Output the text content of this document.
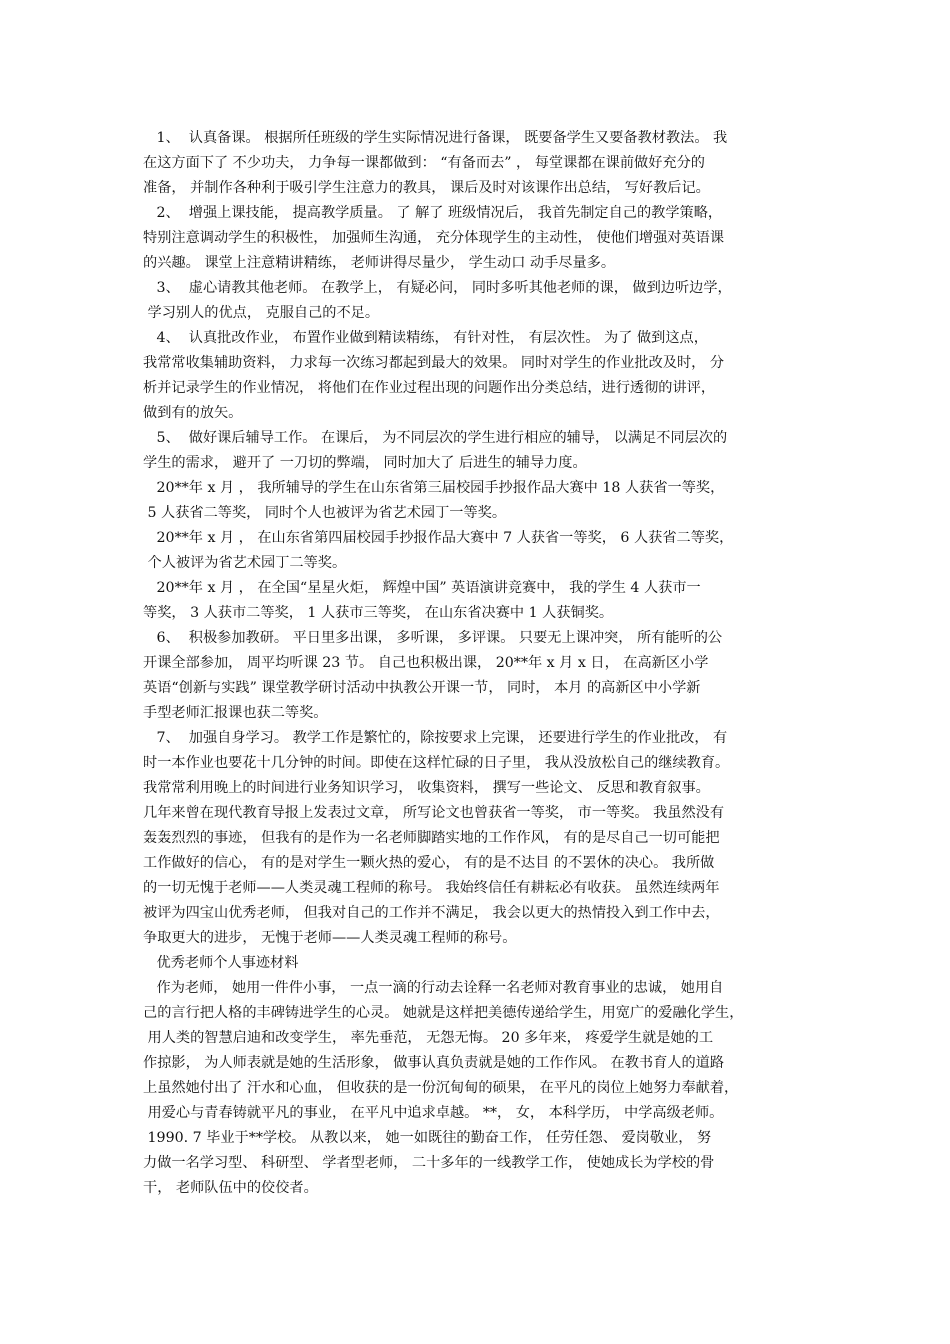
1、  认真备课。 根据所任班级的学生实际情况进行备课， 既要备学生又要备教材教法。 我
在这方面下了 不少功夫， 力争每一课都做到： “有备而去” ， 每堂课都在课前做好充分的
准备， 并制作各种利于吸引学生注意力的教具， 课后及时对该课作出总结， 写好教后记。
2、  增强上课技能， 提高教学质量。 了 解了 班级情况后， 我首先制定自己的教学策略，
特别注意调动学生的积极性， 加强师生沟通， 充分体现学生的主动性， 使他们增强对英语课
的兴趣。 课堂上注意精讲精练， 老师讲得尽量少， 学生动口 动手尽量多。
3、  虚心请教其他老师。 在教学上， 有疑必问， 同时多听其他老师的课， 做到边听边学，
学习别人的优点， 克服自己的不足。
4、  认真批改作业， 布置作业做到精读精练， 有针对性， 有层次性。 为了 做到这点，
我常常收集辅助资料， 力求每一次练习都起到最大的效果。 同时对学生的作业批改及时， 分
析并记录学生的作业情况， 将他们在作业过程出现的问题作出分类总结，进行透彻的讲评，
做到有的放矢。
5、  做好课后辅导工作。 在课后， 为不同层次的学生进行相应的辅导， 以满足不同层次的
学生的需求， 避开了 一刀切的弊端， 同时加大了 后进生的辅导力度。
20**年 x 月 ， 我所辅导的学生在山东省第三届校园手抄报作品大赛中 18 人获省一等奖，
5 人获省二等奖， 同时个人也被评为省艺术园丁一等奖。
20**年 x 月 ， 在山东省第四届校园手抄报作品大赛中 7 人获省一等奖， 6 人获省二等奖，
个人被评为省艺术园丁二等奖。
20**年 x 月 ， 在全国“星星火炬， 辉煌中国” 英语演讲竞赛中， 我的学生 4 人获市一
等奖， 3 人获市二等奖， 1 人获市三等奖， 在山东省决赛中 1 人获铜奖。
6、  积极参加教研。 平日里多出课， 多听课， 多评课。 只要无上课冲突， 所有能听的公
开课全部参加， 周平均听课 23 节。 自己也积极出课， 20**年 x 月 x 日， 在高新区小学
英语“创新与实践” 课堂教学研讨活动中执教公开课一节， 同时， 本月 的高新区中小学新
手型老师汇报课也获二等奖。
7、  加强自身学习。 教学工作是繁忙的，除按要求上完课， 还要进行学生的作业批改， 有
时一本作业也要花十几分钟的时间。即使在这样忙碌的日子里， 我从没放松自己的继续教育。
我常常利用晚上的时间进行业务知识学习， 收集资料， 撰写一些论文、 反思和教育叙事。
几年来曾在现代教育导报上发表过文章， 所写论文也曾获省一等奖， 市一等奖。 我虽然没有
轰轰烈烈的事迹， 但我有的是作为一名老师脚踏实地的工作作风， 有的是尽自己一切可能把
工作做好的信心， 有的是对学生一颗火热的爱心， 有的是不达目 的不罢休的决心。 我所做
的一切无愧于老师——人类灵魂工程师的称号。 我始终信任有耕耘必有收获。 虽然连续两年
被评为四宝山优秀老师， 但我对自己的工作并不满足， 我会以更大的热情投入到工作中去，
争取更大的进步， 无愧于老师——人类灵魂工程师的称号。
优秀老师个人事迹材料
作为老师， 她用一件件小事， 一点一滴的行动去诠释一名老师对教育事业的忠诚， 她用自
己的言行把人格的丰碑铸进学生的心灵。 她就是这样把美德传递给学生，用宽广的爱融化学生，
用人类的智慧启迪和改变学生， 率先垂范， 无怨无悔。 20 多年来， 疼爱学生就是她的工
作掠影， 为人师表就是她的生活形象， 做事认真负责就是她的工作作风。 在教书育人的道路
上虽然她付出了 汗水和心血， 但收获的是一份沉甸甸的硕果， 在平凡的岗位上她努力奉献着，
用爱心与青春铸就平凡的事业， 在平凡中追求卓越。 **， 女， 本科学历， 中学高级老师。
1990. 7 毕业于**学校。 从教以来， 她一如既往的勤奋工作， 任劳任怨、 爱岗敬业， 努
力做一名学习型、 科研型、 学者型老师， 二十多年的一线教学工作， 使她成长为学校的骨
干， 老师队伍中的佼佼者。
